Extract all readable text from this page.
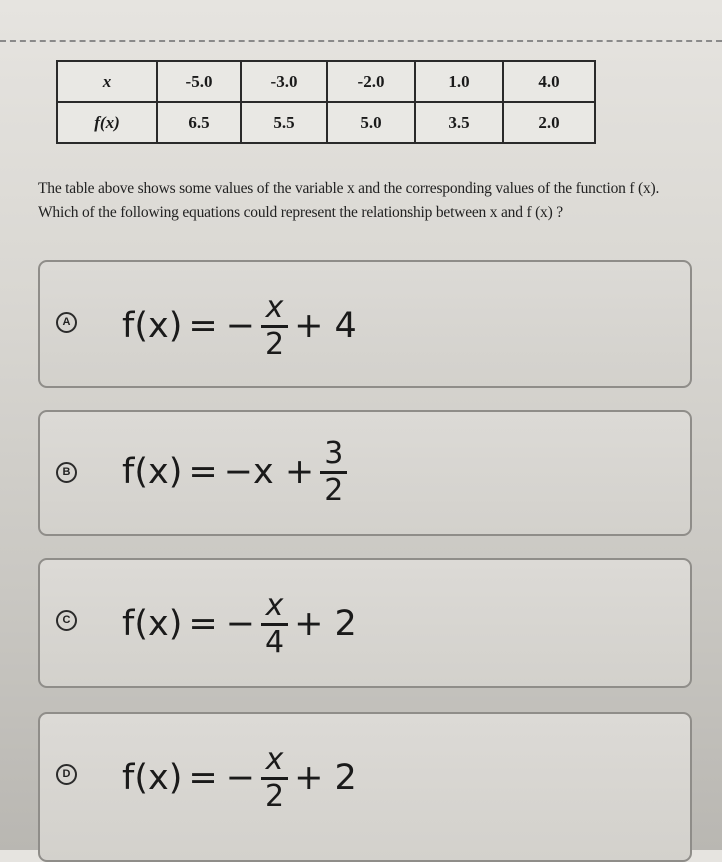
x	-5.0	-3.0	-2.0	1.0	4.0
f(x)	6.5	5.5	5.0	3.5	2.0

The table above shows some values of the variable x and the corresponding values of the function f (x).

Which of the following equations could represent the relationship between x and f (x) ?

A f(x) = − $\frac{x}{2} + 4$
B $f(x) = -x + \frac{3}{2}$
C f(x) = − $\frac{x}{4} + 2$
D f(x) = − $\frac{x}{2} + 2$
